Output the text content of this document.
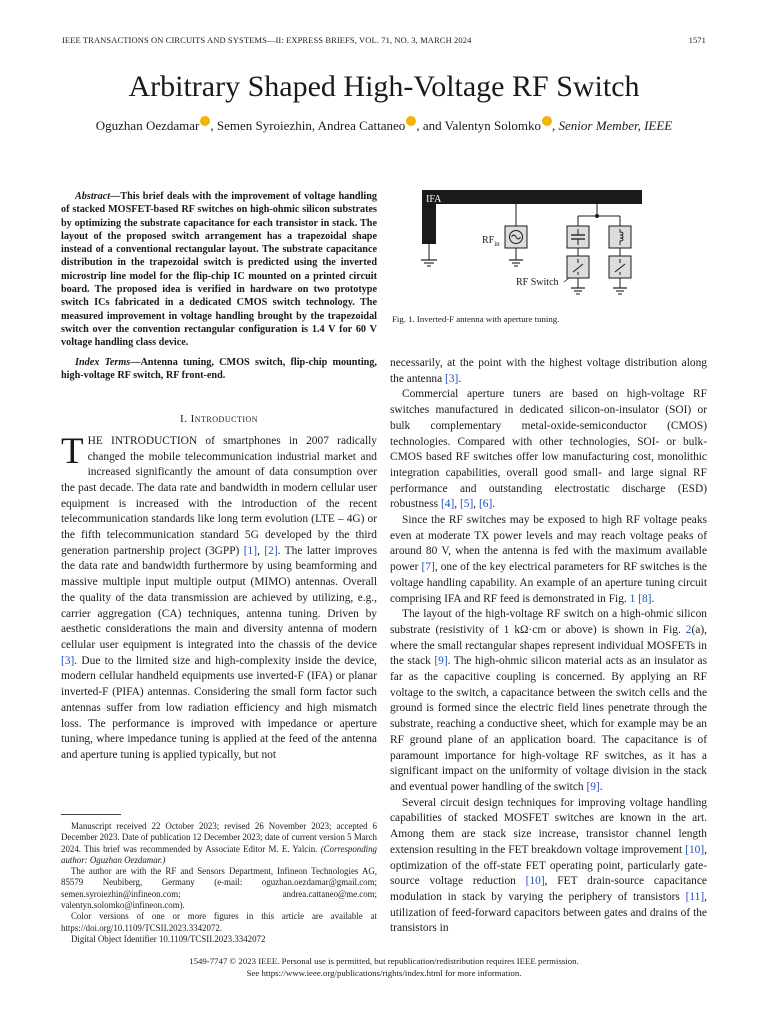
IEEE TRANSACTIONS ON CIRCUITS AND SYSTEMS—II: EXPRESS BRIEFS, VOL. 71, NO. 3, MARCH 2024	1571
Arbitrary Shaped High-Voltage RF Switch
Oguzhan Oezdamar , Semen Syroiezhin, Andrea Cattaneo , and Valentyn Solomko , Senior Member, IEEE

Abstract—This brief deals with the improvement of voltage handling of stacked MOSFET-based RF switches on high-ohmic silicon substrates by optimizing the substrate capacitance for each transistor in stack. The layout of the proposed switch arrangement has a trapezoidal shape instead of a conventional rectangular layout. The substrate capacitance distribution in the trapezoidal switch is predicted using the inverted microstrip line model for the flip-chip IC mounted on a printed circuit board. The proposed idea is verified in hardware on two prototype switch ICs fabricated in a dedicated CMOS switch technology. The measured improvement in voltage handling brought by the trapezoidal switch over the convention rectangular configuration is 1.4 V for 60 V voltage handling class device.

Index Terms—Antenna tuning, CMOS switch, flip-chip mounting, high-voltage RF switch, RF front-end.

I. Introduction

THE INTRODUCTION of smartphones in 2007 radically changed the mobile telecommunication industrial market and increased significantly the amount of data consumption over the past decade. The data rate and bandwidth in modern cellular user equipment is increased with the introduction of the recent telecommunication standards like long term evolution (LTE – 4G) or the fifth telecommunication standard 5G developed by the third generation partnership project (3GPP) [1], [2]. The latter improves the data rate and bandwidth furthermore by using beamforming and massive multiple input multiple output (MIMO) antennas. Overall the quality of the data transmission are achieved by utilizing, e.g., carrier aggregation (CA) techniques, antenna tuning. Driven by aesthetic considerations the main and diversity antenna of modern cellular user equipment is integrated into the chassis of the device [3]. Due to the limited size and high-complexity inside the device, modern cellular handheld equipments use inverted-F (IFA) or planar inverted-F (PIFA) antennas. Considering the small form factor such antennas suffer from low radiation efficiency and high mismatch loss. The performance is improved with impedance or aperture tuning, where impedance tuning is applied at the feed of the antenna and aperture tuning is applied typically, but not

Manuscript received 22 October 2023; revised 26 November 2023; accepted 6 December 2023. Date of publication 12 December 2023; date of current version 5 March 2024. This brief was recommended by Associate Editor M. E. Yalcin. (Corresponding author: Oguzhan Oezdamar.)

The author are with the RF and Sensors Department, Infineon Technologies AG, 85579 Neubiberg, Germany (e-mail: oguzhan.oezdamar@gmail.com; semen.syroiezhin@infineon.com; andrea.cattaneo@me.com; valentyn.solomko@infineon.com).

Color versions of one or more figures in this article are available at https://doi.org/10.1109/TCSII.2023.3342072.

Digital Object Identifier 10.1109/TCSII.2023.3342072

IFA
$RF_{in}$
RF Switch
Fig. 1. Inverted-F antenna with aperture tuning.

necessarily, at the point with the highest voltage distribution along the antenna [3].

Commercial aperture tuners are based on high-voltage RF switches manufactured in dedicated silicon-on-insulator (SOI) or bulk complementary metal-oxide-semiconductor (CMOS) technologies. Compared with other technologies, SOI- or bulk-CMOS based RF switches offer low manufacturing cost, monolithic integration capabilities, overall good small- and large signal RF performance and outstanding electrostatic discharge (ESD) robustness [4], [5], [6].

Since the RF switches may be exposed to high RF voltage peaks even at moderate TX power levels and may reach voltage peaks of around 80 V, when the antenna is fed with the maximum available power [7], one of the key electrical parameters for RF switches is the voltage handling capability. An example of an aperture tuning circuit comprising IFA and RF feed is demonstrated in Fig. 1 [8].

The layout of the high-voltage RF switch on a high-ohmic silicon substrate (resistivity of 1 kΩ·cm or above) is shown in Fig. 2(a), where the small rectangular shapes represent individual MOSFETs in the stack [9]. The high-ohmic silicon material acts as an insulator as far as the capacitive coupling is concerned. By applying an RF voltage to the switch, a capacitance between the switch cells and the ground is formed since the electric field lines penetrate through the substrate, reaching a conductive sheet, which for example may be an RF ground plane of an application board. The capacitance is of paramount importance for high-voltage RF switches, as it has a significant impact on the uniformity of voltage division in the stack and eventual power handling of the switch [9].

Several circuit design techniques for improving voltage handling capabilities of stacked MOSFET switches are known in the art. Among them are stack size increase, transistor channel length extension resulting in the FET breakdown voltage improvement [10], optimization of the off-state FET operating point, particularly gate-source voltage reduction [10], FET drain-source capacitance modulation in stack by varying the periphery of transistors [11], utilization of feed-forward capacitors between gates and drains of the transistors in

1549-7747 © 2023 IEEE. Personal use is permitted, but republication/redistribution requires IEEE permission.
See https://www.ieee.org/publications/rights/index.html for more information.
